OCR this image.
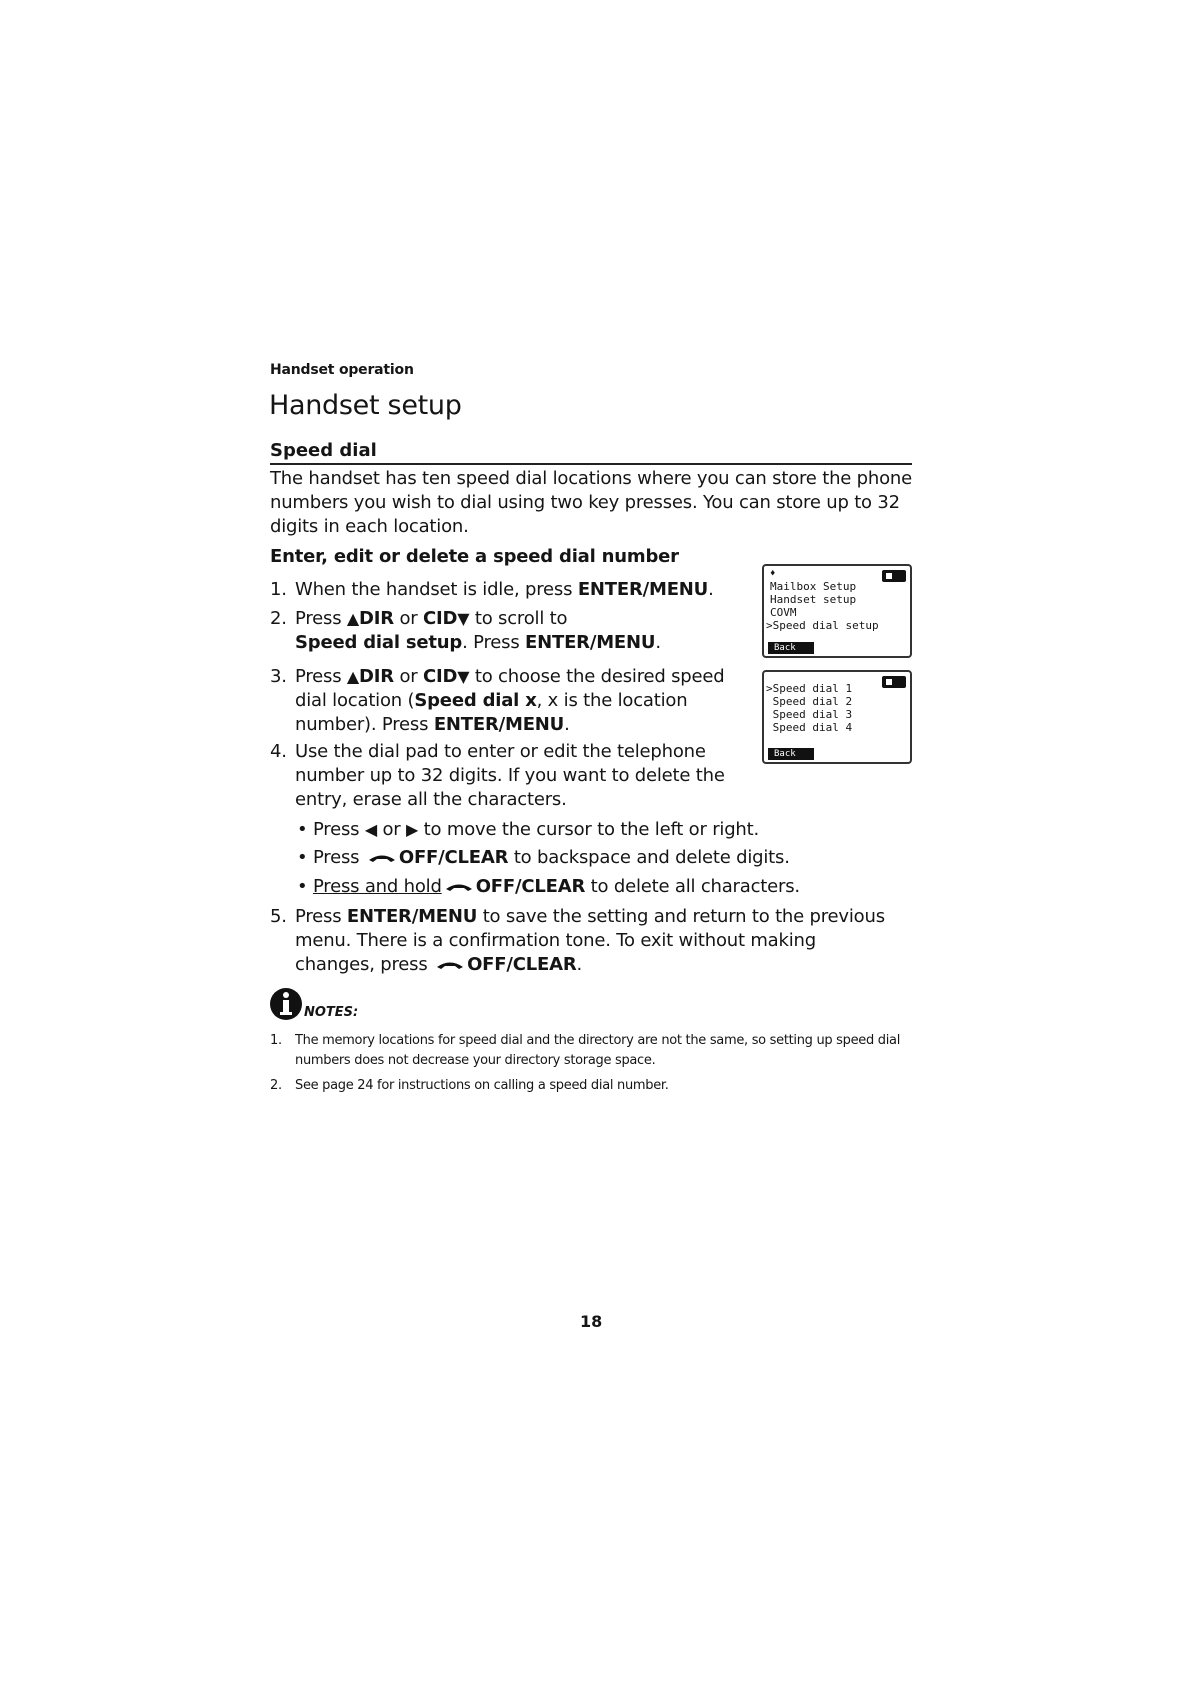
Handset operation
Handset setup
Speed dial

The handset has ten speed dial locations where you can store the phone numbers you wish to dial using two key presses. You can store up to 32 digits in each location.

Enter, edit or delete a speed dial number
1. When the handset is idle, press ENTER/MENU.
2. Press ▲DIR or CID▼ to scroll to
Speed dial setup. Press ENTER/MENU.
3. Press ▲DIR or CID▼ to choose the desired speed
dial location (Speed dial x, x is the location
number). Press ENTER/MENU.
4. Use the dial pad to enter or edit the telephone
number up to 32 digits. If you want to delete the
entry, erase all the characters.
• Press ◀ or ▶ to move the cursor to the left or right.
• Press OFF/CLEAR to backspace and delete digits.
• Press and hold OFF/CLEAR to delete all characters.
5. Press ENTER/MENU to save the setting and return to the previous
menu. There is a confirmation tone. To exit without making
changes, press OFF/CLEAR.
♦
Mailbox Setup
Handset setup
COVM
>Speed dial setup
Back
>Speed dial 1
Speed dial 2
Speed dial 3
Speed dial 4
Back
NOTES:
1. The memory locations for speed dial and the directory are not the same, so setting up speed dial numbers does not decrease your directory storage space.
2. See page 24 for instructions on calling a speed dial number.
18
